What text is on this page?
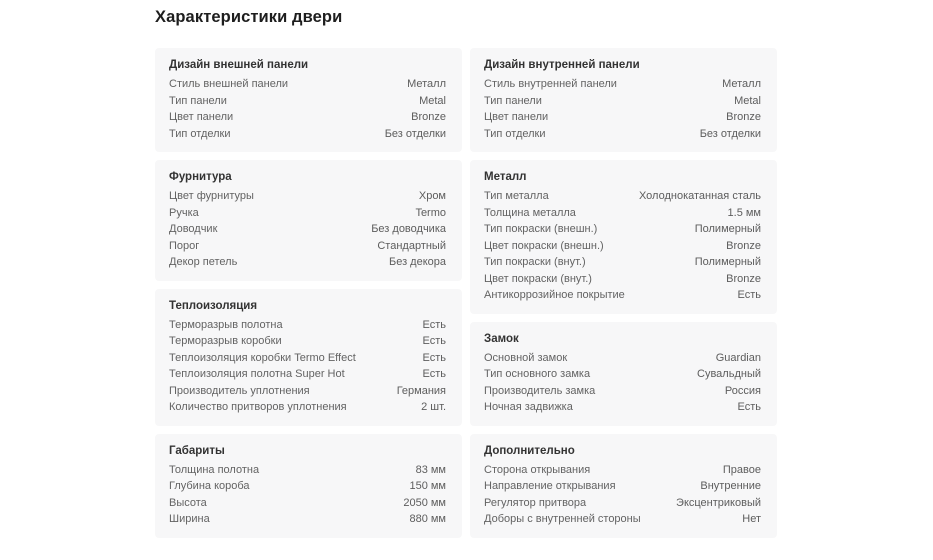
Характеристики двери
Дизайн внешней панели
Стиль внешней панели	Металл
Тип панели	Metal
Цвет панели	Bronze
Тип отделки	Без отделки
Фурнитура
Цвет фурнитуры	Хром
Ручка	Termo
Доводчик	Без доводчика
Порог	Стандартный
Декор петель	Без декора
Теплоизоляция
Терморазрыв полотна	Есть
Терморазрыв коробки	Есть
Теплоизоляция коробки Termo Effect	Есть
Теплоизоляция полотна Super Hot	Есть
Производитель уплотнения	Германия
Количество притворов уплотнения	2 шт.
Габариты
Толщина полотна	83 мм
Глубина короба	150 мм
Высота	2050 мм
Ширина	880 мм
Дизайн внутренней панели
Стиль внутренней панели	Металл
Тип панели	Metal
Цвет панели	Bronze
Тип отделки	Без отделки
Металл
Тип металла	Холоднокатанная сталь
Толщина металла	1.5 мм
Тип покраски (внешн.)	Полимерный
Цвет покраски (внешн.)	Bronze
Тип покраски (внут.)	Полимерный
Цвет покраски (внут.)	Bronze
Антикоррозийное покрытие	Есть
Замок
Основной замок	Guardian
Тип основного замка	Сувальдный
Производитель замка	Россия
Ночная задвижка	Есть
Дополнительно
Сторона открывания	Правое
Направление открывания	Внутренние
Регулятор притвора	Эксцентриковый
Доборы с внутренней стороны	Нет
